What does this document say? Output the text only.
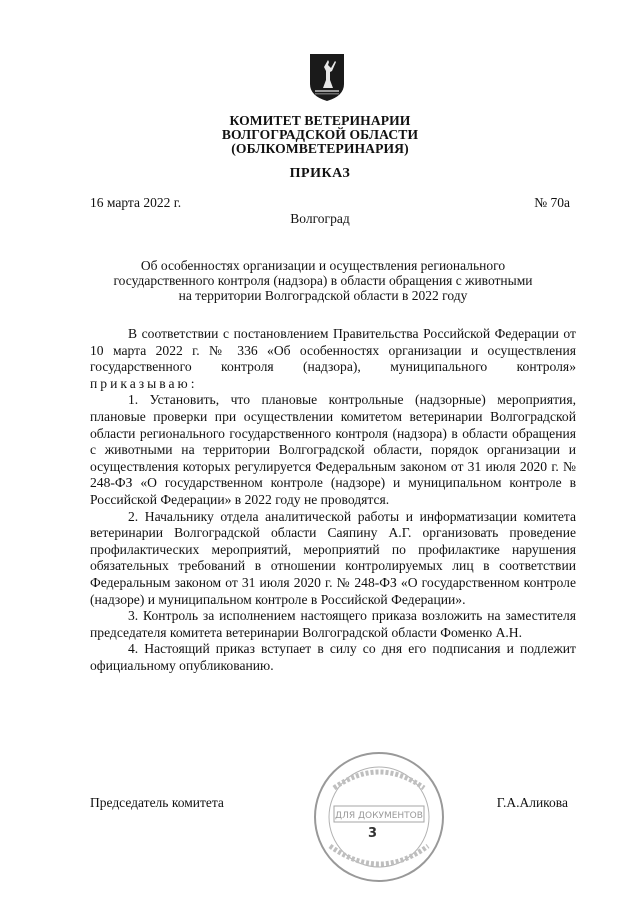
КОМИТЕТ ВЕТЕРИНАРИИ
ВОЛГОГРАДСКОЙ ОБЛАСТИ
(ОБЛКОМВЕТЕРИНАРИЯ)
ПРИКАЗ
16 марта 2022 г.	№ 70а
Волгоград
Об особенностях организации и осуществления регионального
государственного контроля (надзора) в области обращения с животными
на территории Волгоградской области в 2022 году

В соответствии с постановлением Правительства Российской Федерации от 10 марта 2022 г. № 336 «Об особенностях организации и осуществления государственного контроля (надзора), муниципального контроля» приказываю:

1. Установить, что плановые контрольные (надзорные) мероприятия, плановые проверки при осуществлении комитетом ветеринарии Волгоградской области регионального государственного контроля (надзора) в области обращения с животными на территории Волгоградской области, порядок организации и осуществления которых регулируется Федеральным законом от 31 июля 2020 г. № 248-ФЗ «О государственном контроле (надзоре) и муниципальном контроле в Российской Федерации» в 2022 году не проводятся.

2. Начальнику отдела аналитической работы и информатизации комитета ветеринарии Волгоградской области Саяпину А.Г. организовать проведение профилактических мероприятий, мероприятий по профилактике нарушения обязательных требований в отношении контролируемых лиц в соответствии Федеральным законом от 31 июля 2020 г. № 248-ФЗ «О государственном контроле (надзоре) и муниципальном контроле в Российской Федерации».

3. Контроль за исполнением настоящего приказа возложить на заместителя председателя комитета ветеринарии Волгоградской области Фоменко А.Н.

4. Настоящий приказ вступает в силу со дня его подписания и подлежит официальному опубликованию.

Председатель комитета	Г.А.Аликова
ДЛЯ ДОКУМЕНТОВ
3
